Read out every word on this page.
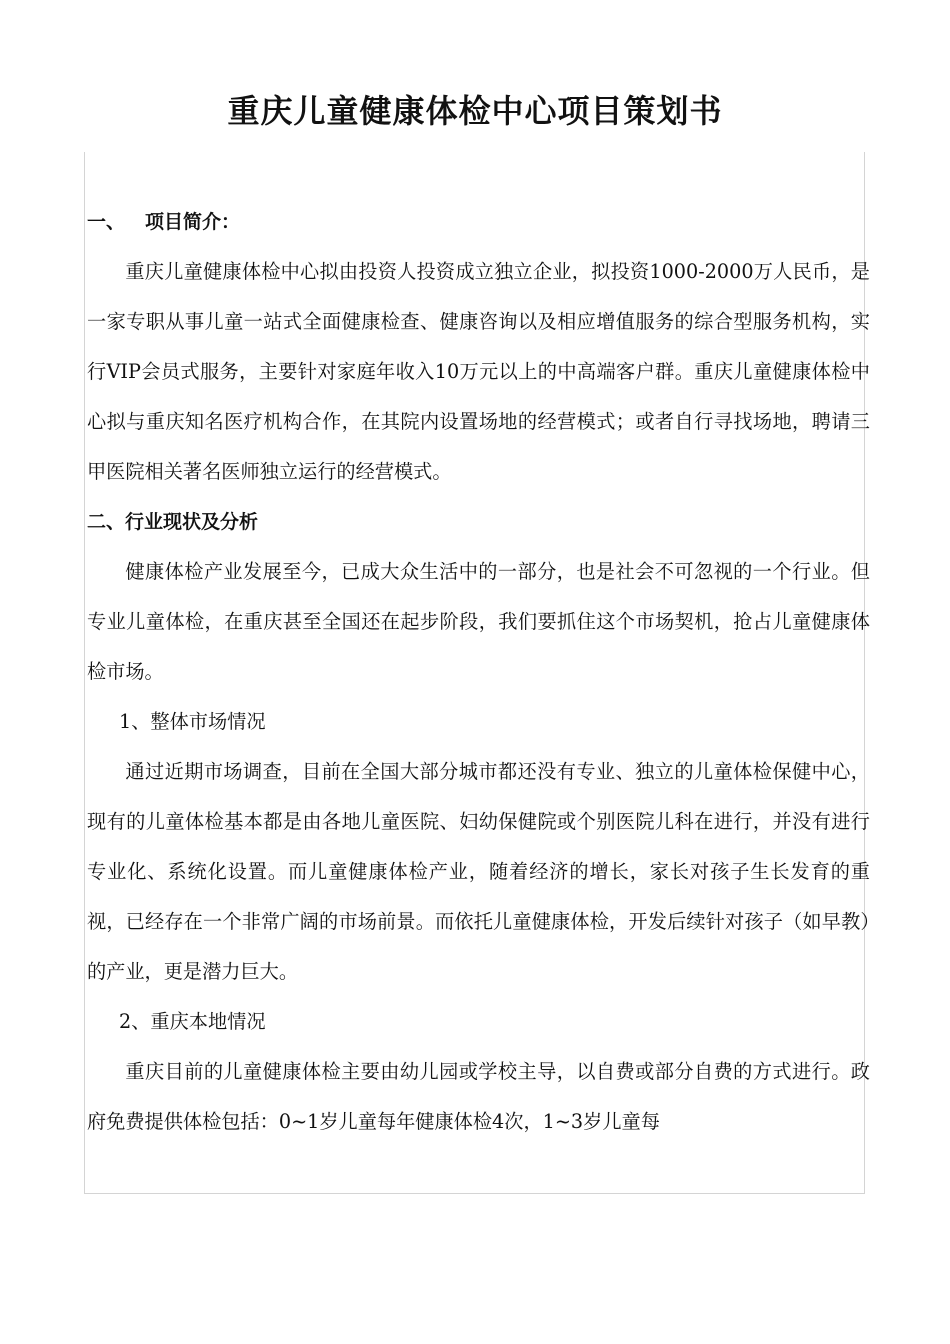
重庆儿童健康体检中心项目策划书
一、 项目简介：

重庆儿童健康体检中心拟由投资人投资成立独立企业，拟投资1000-2000万人民币，是一家专职从事儿童一站式全面健康检查、健康咨询以及相应增值服务的综合型服务机构，实行VIP会员式服务，主要针对家庭年收入10万元以上的中高端客户群。重庆儿童健康体检中心拟与重庆知名医疗机构合作，在其院内设置场地的经营模式；或者自行寻找场地，聘请三甲医院相关著名医师独立运行的经营模式。

二、行业现状及分析

健康体检产业发展至今，已成大众生活中的一部分，也是社会不可忽视的一个行业。但专业儿童体检，在重庆甚至全国还在起步阶段，我们要抓住这个市场契机，抢占儿童健康体检市场。

1、整体市场情况

通过近期市场调查，目前在全国大部分城市都还没有专业、独立的儿童体检保健中心，现有的儿童体检基本都是由各地儿童医院、妇幼保健院或个别医院儿科在进行，并没有进行专业化、系统化设置。而儿童健康体检产业，随着经济的增长，家长对孩子生长发育的重视，已经存在一个非常广阔的市场前景。而依托儿童健康体检，开发后续针对孩子（如早教）的产业，更是潜力巨大。

2、重庆本地情况

重庆目前的儿童健康体检主要由幼儿园或学校主导，以自费或部分自费的方式进行。政府免费提供体检包括：0~1岁儿童每年健康体检4次，1~3岁儿童每
